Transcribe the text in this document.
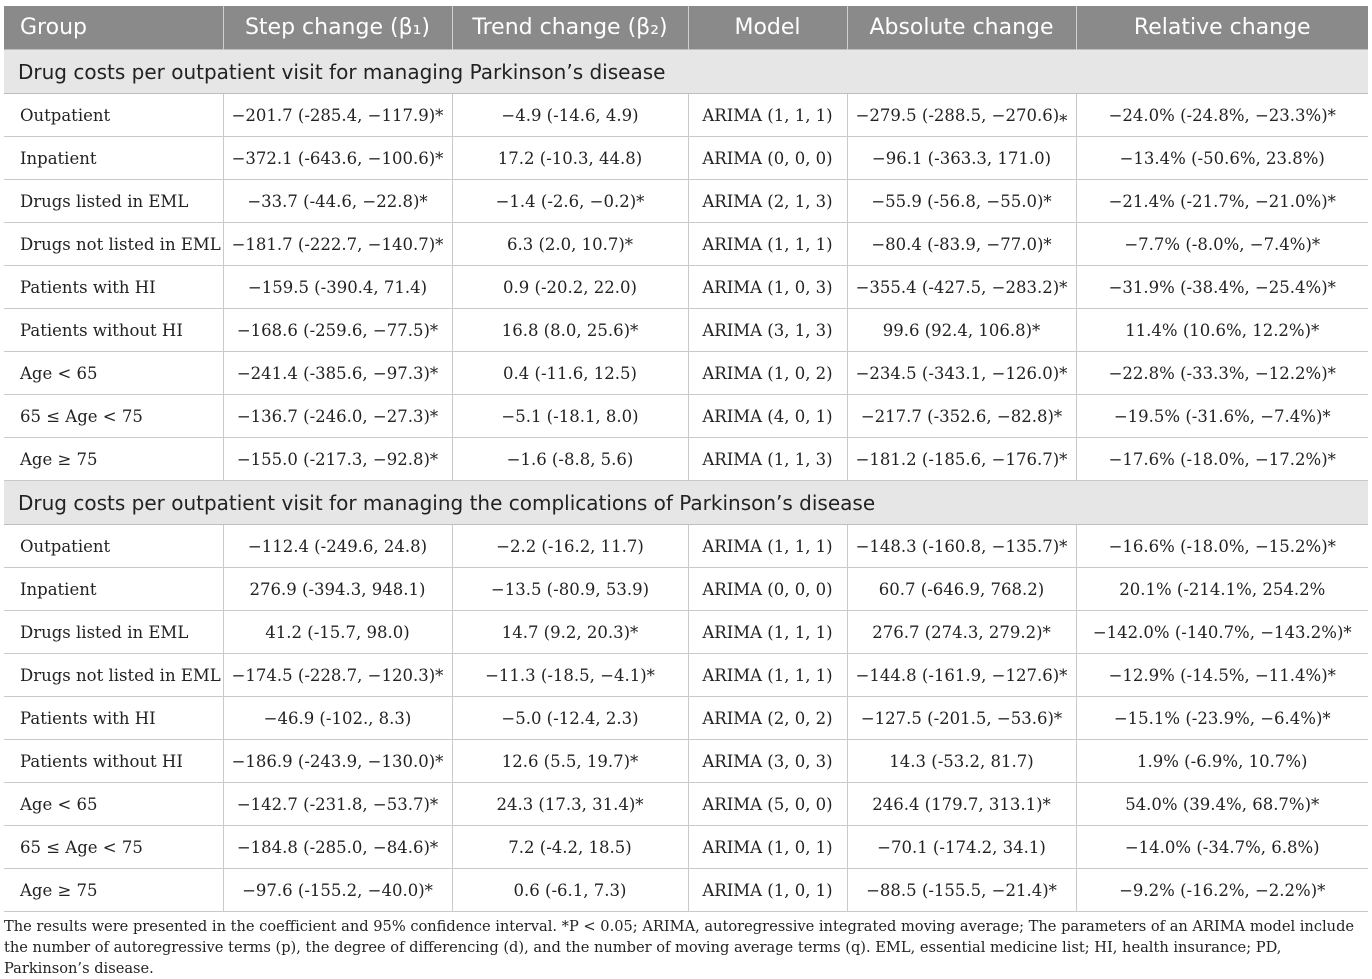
Group	Step change (β₁)	Trend change (β₂)	Model	Absolute change	Relative change
Drug costs per outpatient visit for managing Parkinson’s disease					
Outpatient	−201.7 (-285.4, −117.9)*	−4.9 (-14.6, 4.9)	ARIMA (1, 1, 1)	−279.5 (-288.5, −270.6)⁎	−24.0% (-24.8%, −23.3%)*
Inpatient	−372.1 (-643.6, −100.6)*	17.2 (-10.3, 44.8)	ARIMA (0, 0, 0)	−96.1 (-363.3, 171.0)	−13.4% (-50.6%, 23.8%)
Drugs listed in EML	−33.7 (-44.6, −22.8)*	−1.4 (-2.6, −0.2)*	ARIMA (2, 1, 3)	−55.9 (-56.8, −55.0)*	−21.4% (-21.7%, −21.0%)*
Drugs not listed in EML	−181.7 (-222.7, −140.7)*	6.3 (2.0, 10.7)*	ARIMA (1, 1, 1)	−80.4 (-83.9, −77.0)*	−7.7% (-8.0%, −7.4%)*
Patients with HI	−159.5 (-390.4, 71.4)	0.9 (-20.2, 22.0)	ARIMA (1, 0, 3)	−355.4 (-427.5, −283.2)*	−31.9% (-38.4%, −25.4%)*
Patients without HI	−168.6 (-259.6, −77.5)*	16.8 (8.0, 25.6)*	ARIMA (3, 1, 3)	99.6 (92.4, 106.8)*	11.4% (10.6%, 12.2%)*
Age < 65	−241.4 (-385.6, −97.3)*	0.4 (-11.6, 12.5)	ARIMA (1, 0, 2)	−234.5 (-343.1, −126.0)*	−22.8% (-33.3%, −12.2%)*
65 ≤ Age < 75	−136.7 (-246.0, −27.3)*	−5.1 (-18.1, 8.0)	ARIMA (4, 0, 1)	−217.7 (-352.6, −82.8)*	−19.5% (-31.6%, −7.4%)*
Age ≥ 75	−155.0 (-217.3, −92.8)*	−1.6 (-8.8, 5.6)	ARIMA (1, 1, 3)	−181.2 (-185.6, −176.7)*	−17.6% (-18.0%, −17.2%)*
Drug costs per outpatient visit for managing the complications of Parkinson’s disease					
Outpatient	−112.4 (-249.6, 24.8)	−2.2 (-16.2, 11.7)	ARIMA (1, 1, 1)	−148.3 (-160.8, −135.7)*	−16.6% (-18.0%, −15.2%)*
Inpatient	276.9 (-394.3, 948.1)	−13.5 (-80.9, 53.9)	ARIMA (0, 0, 0)	60.7 (-646.9, 768.2)	20.1% (-214.1%, 254.2%
Drugs listed in EML	41.2 (-15.7, 98.0)	14.7 (9.2, 20.3)*	ARIMA (1, 1, 1)	276.7 (274.3, 279.2)*	−142.0% (-140.7%, −143.2%)*
Drugs not listed in EML	−174.5 (-228.7, −120.3)*	−11.3 (-18.5, −4.1)*	ARIMA (1, 1, 1)	−144.8 (-161.9, −127.6)*	−12.9% (-14.5%, −11.4%)*
Patients with HI	−46.9 (-102., 8.3)	−5.0 (-12.4, 2.3)	ARIMA (2, 0, 2)	−127.5 (-201.5, −53.6)*	−15.1% (-23.9%, −6.4%)*
Patients without HI	−186.9 (-243.9, −130.0)*	12.6 (5.5, 19.7)*	ARIMA (3, 0, 3)	14.3 (-53.2, 81.7)	1.9% (-6.9%, 10.7%)
Age < 65	−142.7 (-231.8, −53.7)*	24.3 (17.3, 31.4)*	ARIMA (5, 0, 0)	246.4 (179.7, 313.1)*	54.0% (39.4%, 68.7%)*
65 ≤ Age < 75	−184.8 (-285.0, −84.6)*	7.2 (-4.2, 18.5)	ARIMA (1, 0, 1)	−70.1 (-174.2, 34.1)	−14.0% (-34.7%, 6.8%)
Age ≥ 75	−97.6 (-155.2, −40.0)*	0.6 (-6.1, 7.3)	ARIMA (1, 0, 1)	−88.5 (-155.5, −21.4)*	−9.2% (-16.2%, −2.2%)*

The results were presented in the coefficient and 95% confidence interval. *P < 0.05; ARIMA, autoregressive integrated moving average; The parameters of an ARIMA model include the number of autoregressive terms (p), the degree of differencing (d), and the number of moving average terms (q). EML, essential medicine list; HI, health insurance; PD, Parkinson’s disease.
